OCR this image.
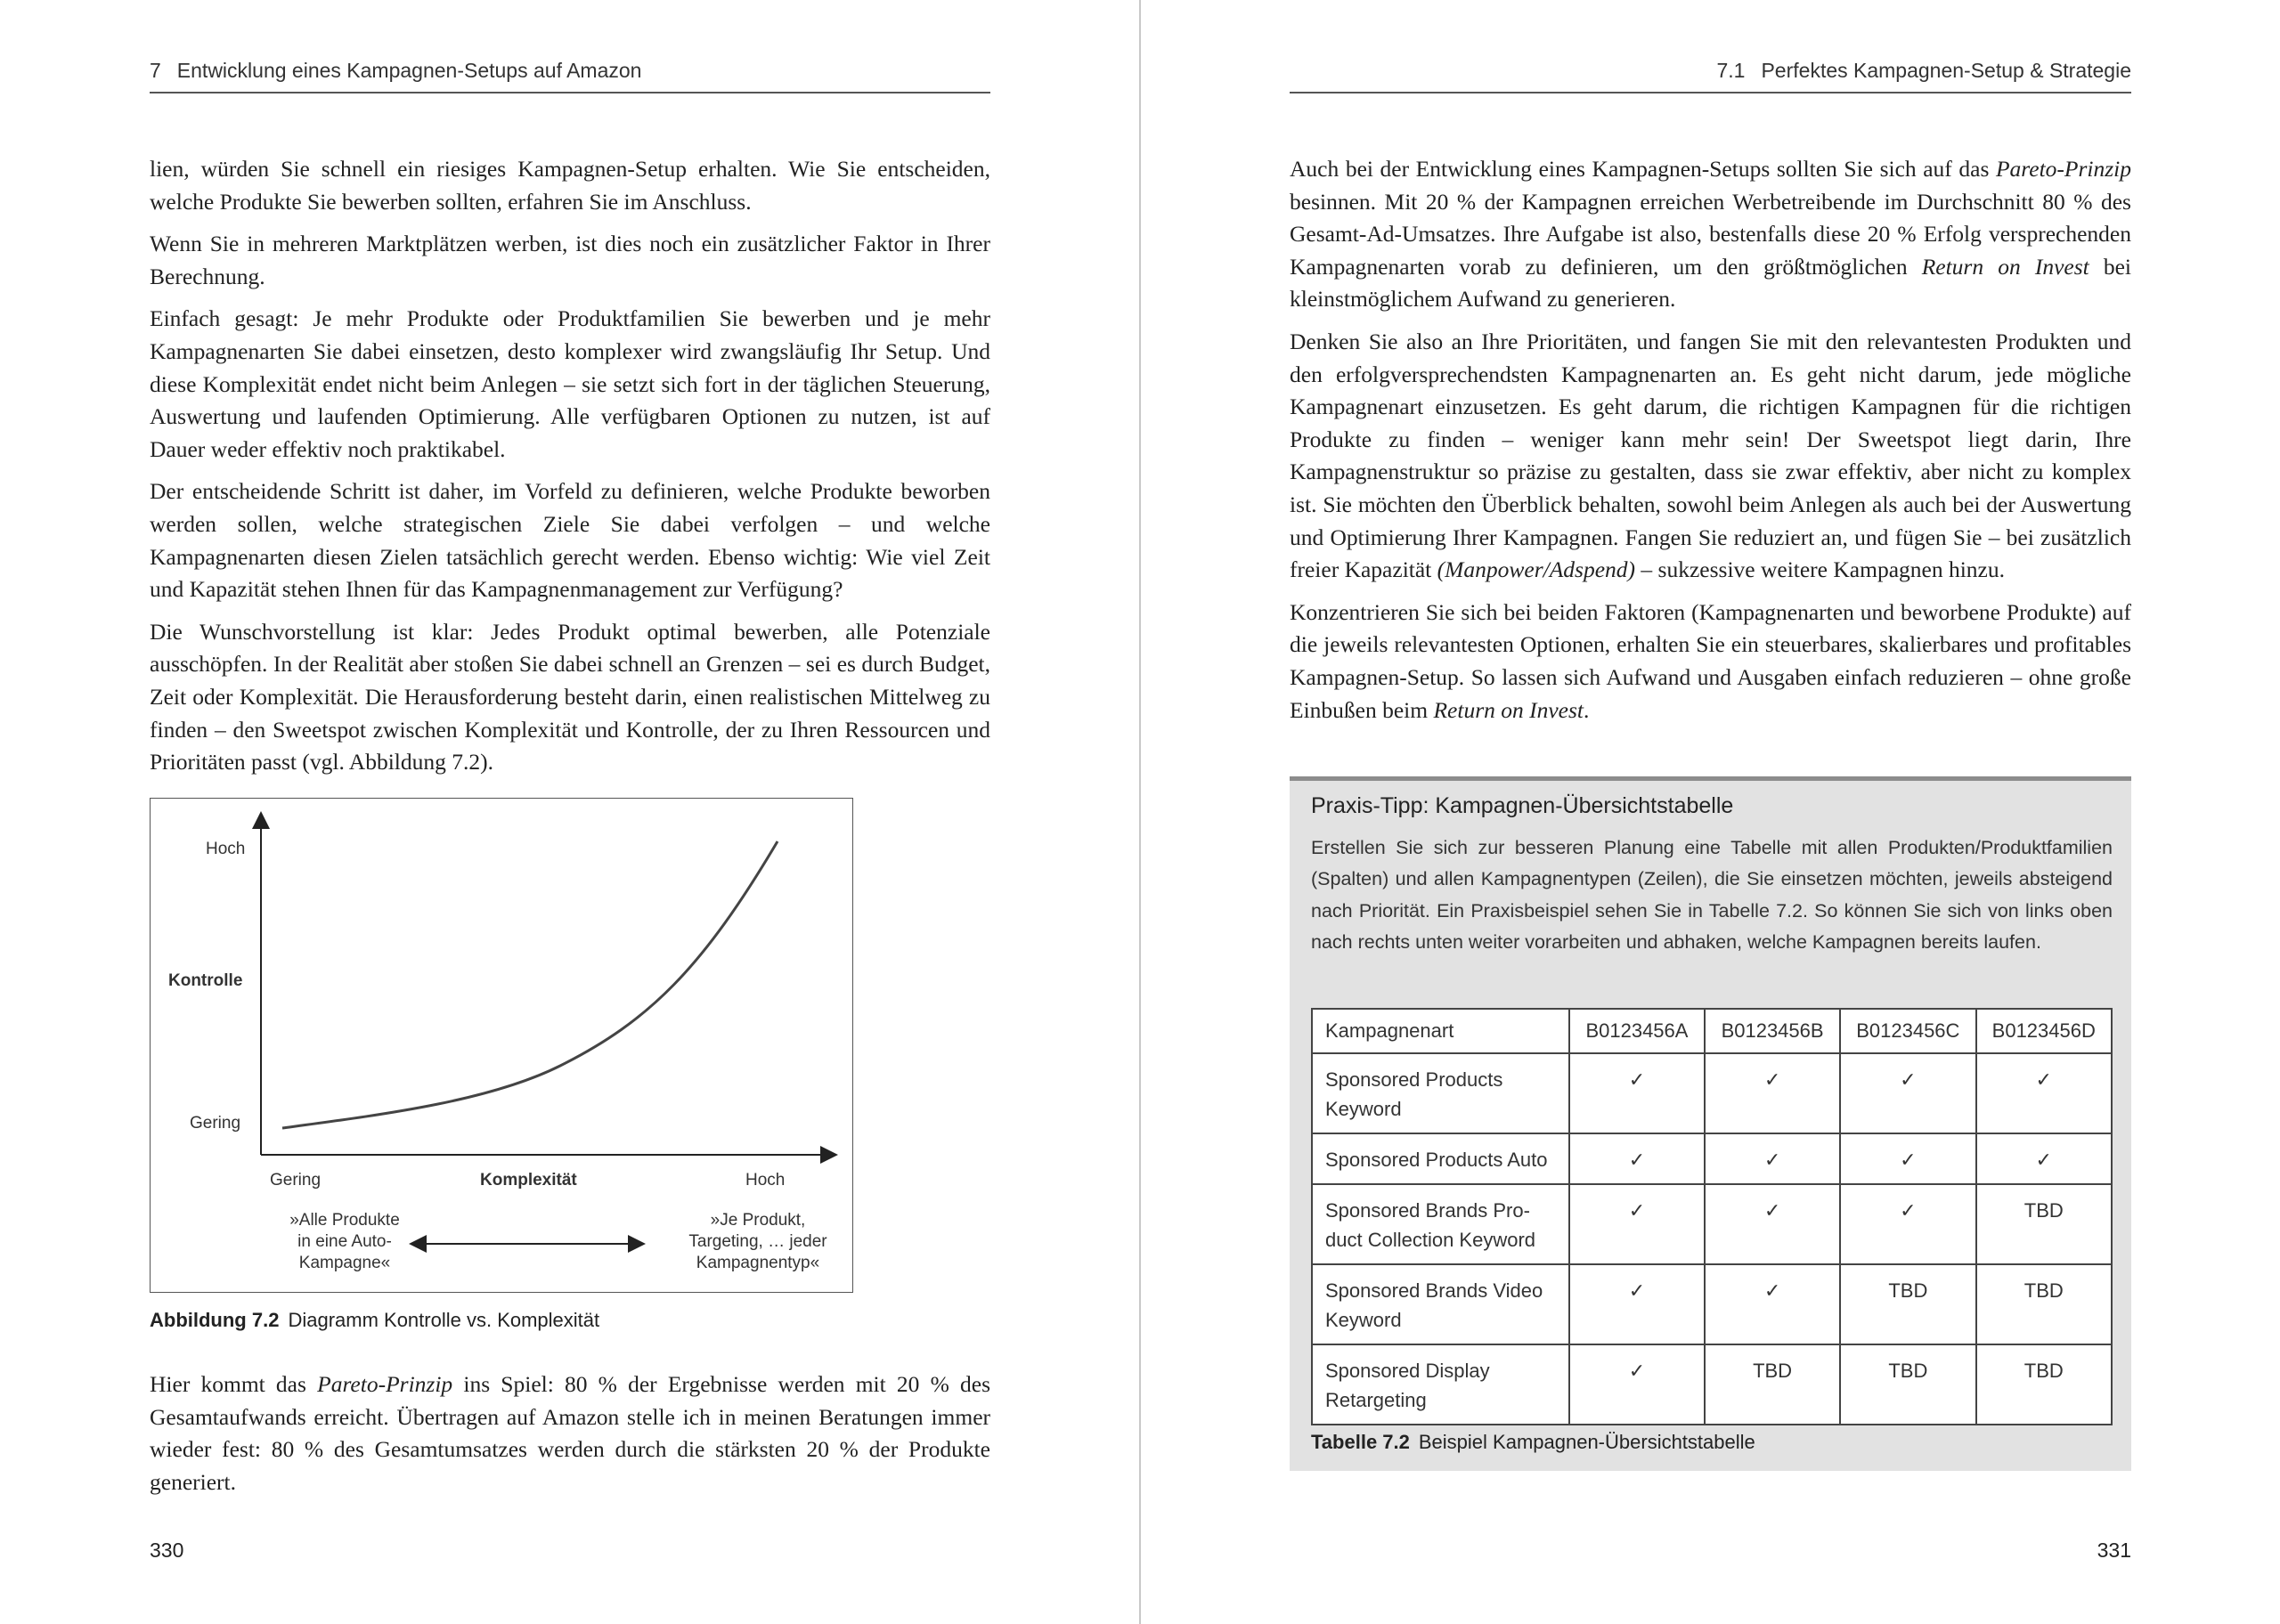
7 Entwicklung eines Kampagnen-Setups auf Amazon

lien, würden Sie schnell ein riesiges Kampagnen-Setup erhalten. Wie Sie entscheiden, welche Produkte Sie bewerben sollten, erfahren Sie im Anschluss.

Wenn Sie in mehreren Marktplätzen werben, ist dies noch ein zusätzlicher Faktor in Ihrer Berechnung.

Einfach gesagt: Je mehr Produkte oder Produktfamilien Sie bewerben und je mehr Kampagnenarten Sie dabei einsetzen, desto komplexer wird zwangsläufig Ihr Setup. Und diese Komplexität endet nicht beim Anlegen – sie setzt sich fort in der täglichen Steuerung, Auswertung und laufenden Optimierung. Alle verfügbaren Optionen zu nutzen, ist auf Dauer weder effektiv noch praktikabel.

Der entscheidende Schritt ist daher, im Vorfeld zu definieren, welche Produkte beworben werden sollen, welche strategischen Ziele Sie dabei verfolgen – und welche Kampagnenarten diesen Zielen tatsächlich gerecht werden. Ebenso wichtig: Wie viel Zeit und Kapazität stehen Ihnen für das Kampagnenmanagement zur Verfügung?

Die Wunschvorstellung ist klar: Jedes Produkt optimal bewerben, alle Potenziale ausschöpfen. In der Realität aber stoßen Sie dabei schnell an Grenzen – sei es durch Budget, Zeit oder Komplexität. Die Herausforderung besteht darin, einen realistischen Mittelweg zu finden – den Sweetspot zwischen Komplexität und Kontrolle, der zu Ihren Ressourcen und Prioritäten passt (vgl. Abbildung 7.2).

Hoch
Kontrolle
Gering
Gering	Komplexität	Hoch
»Alle Produkte
in eine Auto-
Kampagne«
»Je Produkt,
Targeting, … jeder
Kampagnentyp«
Abbildung 7.2 Diagramm Kontrolle vs. Komplexität

Hier kommt das Pareto-Prinzip ins Spiel: 80 % der Ergebnisse werden mit 20 % des Gesamtaufwands erreicht. Übertragen auf Amazon stelle ich in meinen Beratungen immer wieder fest: 80 % des Gesamtumsatzes werden durch die stärksten 20 % der Produkte generiert.

330
7.1 Perfektes Kampagnen-Setup & Strategie

Auch bei der Entwicklung eines Kampagnen-Setups sollten Sie sich auf das Pareto-Prinzip besinnen. Mit 20 % der Kampagnen erreichen Werbetreibende im Durchschnitt 80 % des Gesamt-Ad-Umsatzes. Ihre Aufgabe ist also, bestenfalls diese 20 % Erfolg versprechenden Kampagnenarten vorab zu definieren, um den größtmöglichen Return on Invest bei kleinstmöglichem Aufwand zu generieren.

Denken Sie also an Ihre Prioritäten, und fangen Sie mit den relevantesten Produkten und den erfolgversprechendsten Kampagnenarten an. Es geht nicht darum, jede mögliche Kampagnenart einzusetzen. Es geht darum, die richtigen Kampagnen für die richtigen Produkte zu finden – weniger kann mehr sein! Der Sweetspot liegt darin, Ihre Kampagnenstruktur so präzise zu gestalten, dass sie zwar effektiv, aber nicht zu komplex ist. Sie möchten den Überblick behalten, sowohl beim Anlegen als auch bei der Auswertung und Optimierung Ihrer Kampagnen. Fangen Sie reduziert an, und fügen Sie – bei zusätzlich freier Kapazität (Manpower/Adspend) – sukzessive weitere Kampagnen hinzu.

Konzentrieren Sie sich bei beiden Faktoren (Kampagnenarten und beworbene Produkte) auf die jeweils relevantesten Optionen, erhalten Sie ein steuerbares, skalierbares und profitables Kampagnen-Setup. So lassen sich Aufwand und Ausgaben einfach reduzieren – ohne große Einbußen beim Return on Invest.

Praxis-Tipp: Kampagnen-Übersichtstabelle

Erstellen Sie sich zur besseren Planung eine Tabelle mit allen Produkten/Produktfamilien (Spalten) und allen Kampagnentypen (Zeilen), die Sie einsetzen möchten, jeweils absteigend nach Priorität. Ein Praxisbeispiel sehen Sie in Tabelle 7.2. So können Sie sich von links oben nach rechts unten weiter vorarbeiten und abhaken, welche Kampagnen bereits laufen.

Kampagnenart	B0123456A	B0123456B	B0123456C	B0123456D

Sponsored Products
Keyword	✓	✓	✓	✓

Sponsored Products Auto	✓	✓	✓	✓

Sponsored Brands Pro-
duct Collection Keyword	✓	✓	✓	TBD

Sponsored Brands Video
Keyword	✓	✓	TBD	TBD

Sponsored Display
Retargeting	✓	TBD	TBD	TBD
Tabelle 7.2 Beispiel Kampagnen-Übersichtstabelle
331
